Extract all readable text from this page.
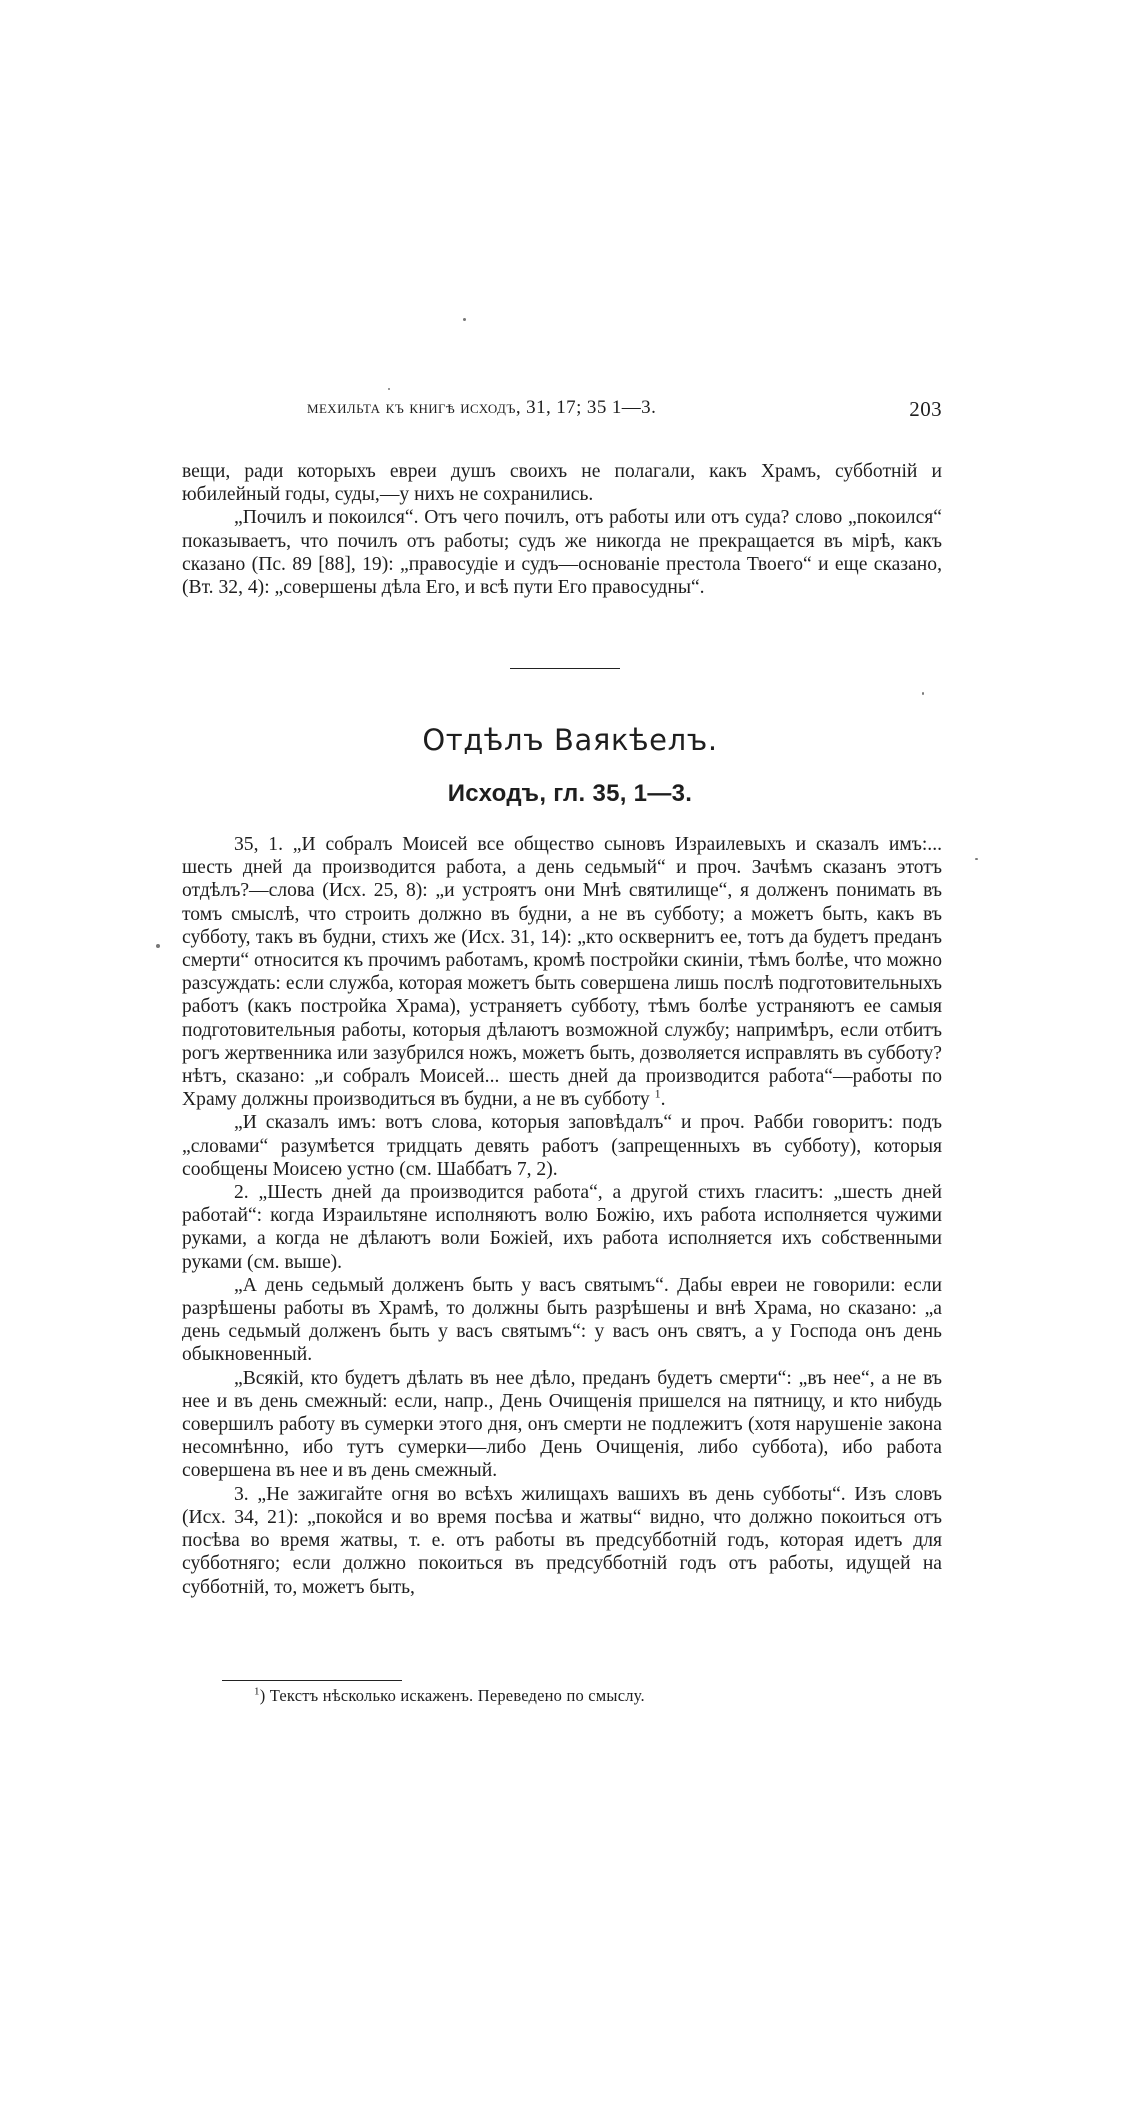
мехильта къ книгѣ исходъ, 31, 17; 35 1—3.	203

вещи, ради которыхъ евреи душъ своихъ не полагали, какъ Храмъ, субботній и юбилейный годы, суды,—у нихъ не сохранились.

„Почилъ и покоился“. Отъ чего почилъ, отъ работы или отъ суда? слово „покоился“ показываетъ, что почилъ отъ работы; судъ же никогда не прекращается въ мірѣ, какъ сказано (Пс. 89 [88], 19): „правосудіе и судъ—основаніе престола Твоего“ и еще сказано, (Вт. 32, 4): „совершены дѣла Его, и всѣ пути Его правосудны“.

Отдѣлъ Ваякѣелъ.
Исходъ, гл. 35, 1—3.

35, 1. „И собралъ Моисей все общество сыновъ Израилевыхъ и сказалъ имъ:... шесть дней да производится работа, а день седьмый“ и проч. Зачѣмъ сказанъ этотъ отдѣлъ?—слова (Исх. 25, 8): „и устроятъ они Мнѣ святилище“, я долженъ понимать въ томъ смыслѣ, что строить должно въ будни, а не въ субботу; а можетъ быть, какъ въ субботу, такъ въ будни, стихъ же (Исх. 31, 14): „кто осквернитъ ее, тотъ да будетъ преданъ смерти“ относится къ прочимъ работамъ, кромѣ постройки скиніи, тѣмъ болѣе, что можно разсуждать: если служба, которая можетъ быть совершена лишь послѣ подготовительныхъ работъ (какъ постройка Храма), устраняетъ субботу, тѣмъ болѣе устраняютъ ее самыя подготовительныя работы, которыя дѣлаютъ возможной службу; напримѣръ, если отбитъ рогъ жертвенника или зазубрился ножъ, можетъ быть, дозволяется исправлять въ субботу? нѣтъ, сказано: „и собралъ Моисей... шесть дней да производится работа“—работы по Храму должны производиться въ будни, а не въ субботу $^1$.

„И сказалъ имъ: вотъ слова, которыя заповѣдалъ“ и проч. Рабби говоритъ: подъ „словами“ разумѣется тридцать девять работъ (запрещенныхъ въ субботу), которыя сообщены Моисею устно (см. Шаббатъ 7, 2).

2. „Шесть дней да производится работа“, а другой стихъ гласитъ: „шесть дней работай“: когда Израильтяне исполняютъ волю Божію, ихъ работа исполняется чужими руками, а когда не дѣлаютъ воли Божіей, ихъ работа исполняется ихъ собственными руками (см. выше).

„А день седьмый долженъ быть у васъ святымъ“. Дабы евреи не говорили: если разрѣшены работы въ Храмѣ, то должны быть разрѣшены и внѣ Храма, но сказано: „а день седьмый долженъ быть у васъ святымъ“: у васъ онъ святъ, а у Господа онъ день обыкновенный.

„Всякій, кто будетъ дѣлать въ нее дѣло, преданъ будетъ смерти“: „въ нее“, а не въ нее и въ день смежный: если, напр., День Очищенія пришелся на пятницу, и кто нибудь совершилъ работу въ сумерки этого дня, онъ смерти не подлежитъ (хотя нарушеніе закона несомнѣнно, ибо тутъ сумерки—либо День Очищенія, либо суббота), ибо работа совершена въ нее и въ день смежный.

3. „Не зажигайте огня во всѣхъ жилищахъ вашихъ въ день субботы“. Изъ словъ (Исх. 34, 21): „покойся и во время посѣва и жатвы“ видно, что должно покоиться отъ посѣва во время жатвы, т. е. отъ работы въ предсубботній годъ, которая идетъ для субботняго; если должно покоиться въ предсубботній годъ отъ работы, идущей на субботній, то, можетъ быть,

$^1$) Текстъ нѣсколько искаженъ. Переведено по смыслу.
